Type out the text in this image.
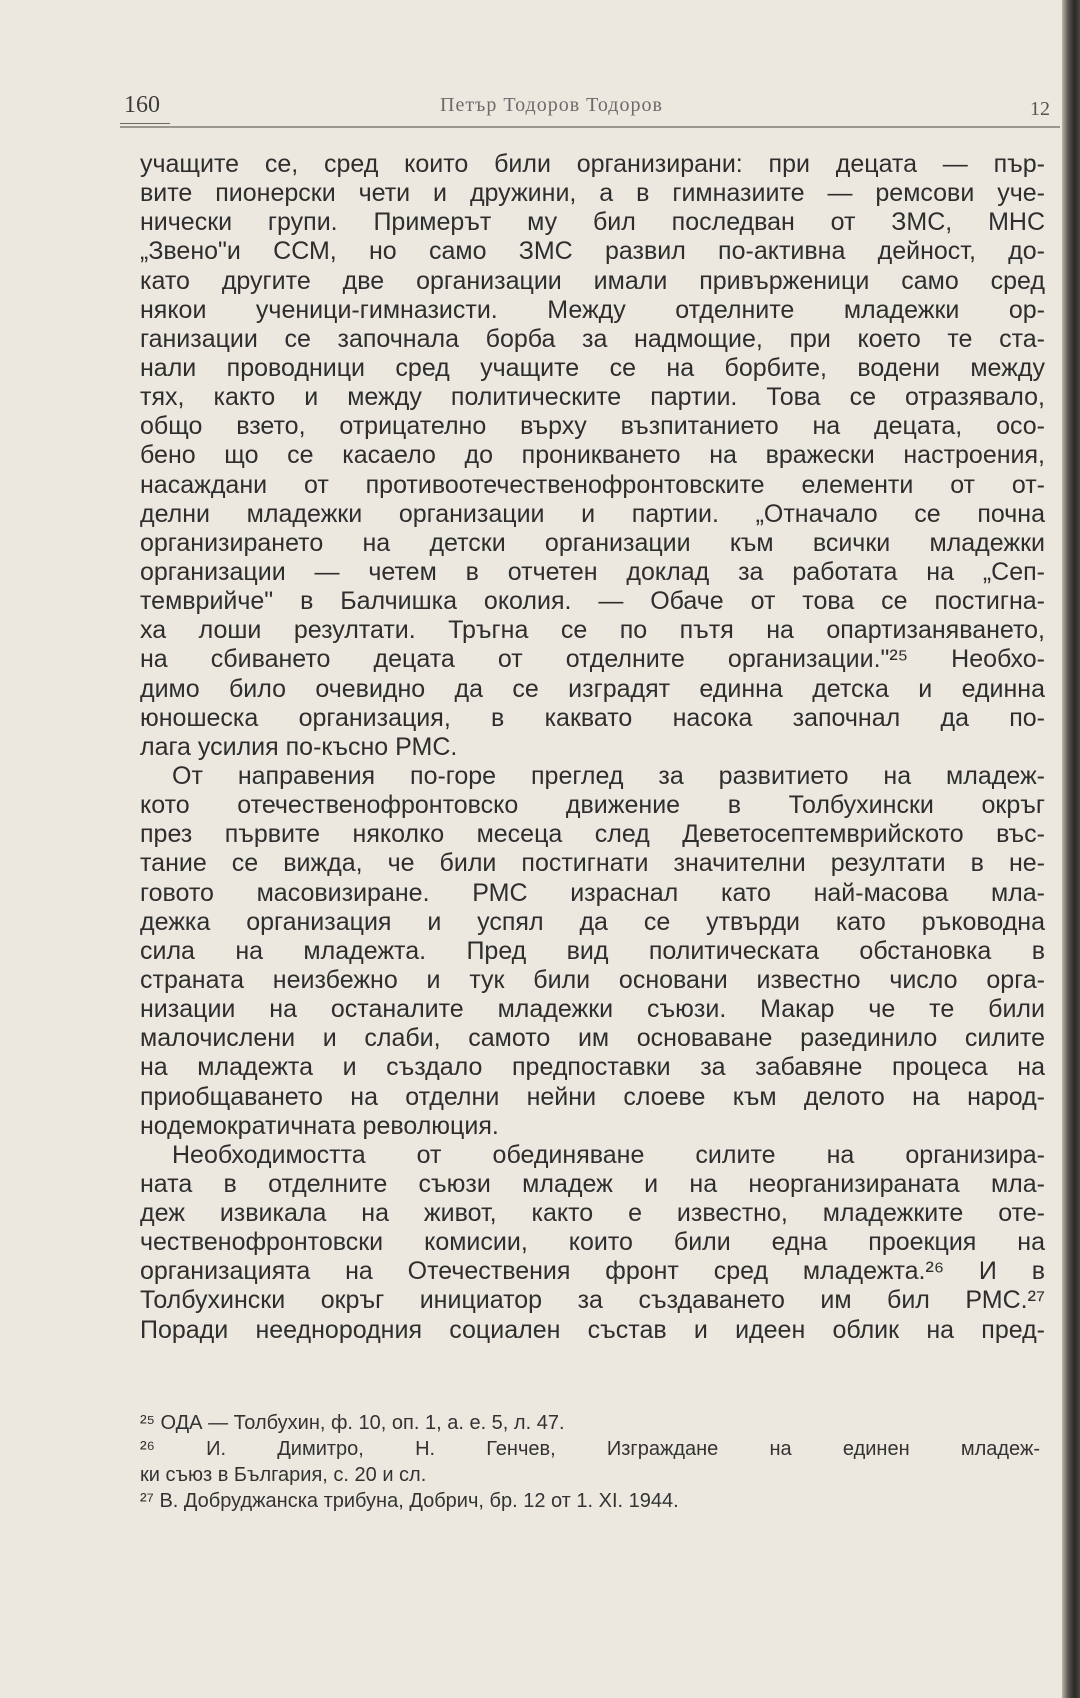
160	Петър Тодоров Тодоров	12
учащите се, сред които били организирани: при децата — пър-
вите пионерски чети и дружини, а в гимназиите — ремсови уче-
нически групи. Примерът му бил последван от ЗМС, МНС
„Звено"и ССМ, но само ЗМС развил по-активна дейност, до-
като другите две организации имали привърженици само сред
някои ученици-гимназисти. Между отделните младежки ор-
ганизации се започнала борба за надмощие, при което те ста-
нали проводници сред учащите се на борбите, водени между
тях, както и между политическите партии. Това се отразявало,
общо взето, отрицателно върху възпитанието на децата, осо-
бено що се касаело до проникването на вражески настроения,
насаждани от противоотечественофронтовските елементи от от-
делни младежки организации и партии. „Отначало се почна
организирането на детски организации към всички младежки
организации — четем в отчетен доклад за работата на „Сеп-
темврийче" в Балчишка околия. — Обаче от това се постигна-
ха лоши резултати. Тръгна се по пътя на опартизаняването,
на сбиването децата от отделните организации."²⁵ Необхо-
димо било очевидно да се изградят единна детска и единна
юношеска организация, в каквато насока започнал да по-
лага усилия по-късно РМС.
От направения по-горе преглед за развитието на младеж-
кото отечественофронтовско движение в Толбухински окръг
през първите няколко месеца след Деветосептемврийското въс-
тание се вижда, че били постигнати значителни резултати в не-
говото масовизиране. РМС израснал като най-масова мла-
дежка организация и успял да се утвърди като ръководна
сила на младежта. Пред вид политическата обстановка в
страната неизбежно и тук били основани известно число орга-
низации на останалите младежки съюзи. Макар че те били
малочислени и слаби, самото им основаване разединило силите
на младежта и създало предпоставки за забавяне процеса на
приобщаването на отделни нейни слоеве към делото на народ-
нодемократичната революция.
Необходимостта от обединяване силите на организира-
ната в отделните съюзи младеж и на неорганизираната мла-
деж извикала на живот, както е известно, младежките оте-
чественофронтовски комисии, които били една проекция на
организацията на Отечествения фронт сред младежта.²⁶ И в
Толбухински окръг инициатор за създаването им бил РМС.²⁷
Поради нееднородния социален състав и идеен облик на пред-
²⁵ ОДА — Толбухин, ф. 10, оп. 1, а. е. 5, л. 47.
²⁶ И. Димитро, Н. Генчев, Изграждане на единен младеж-
ки съюз в България, с. 20 и сл.
²⁷ В. Добруджанска трибуна, Добрич, бр. 12 от 1. XI. 1944.
